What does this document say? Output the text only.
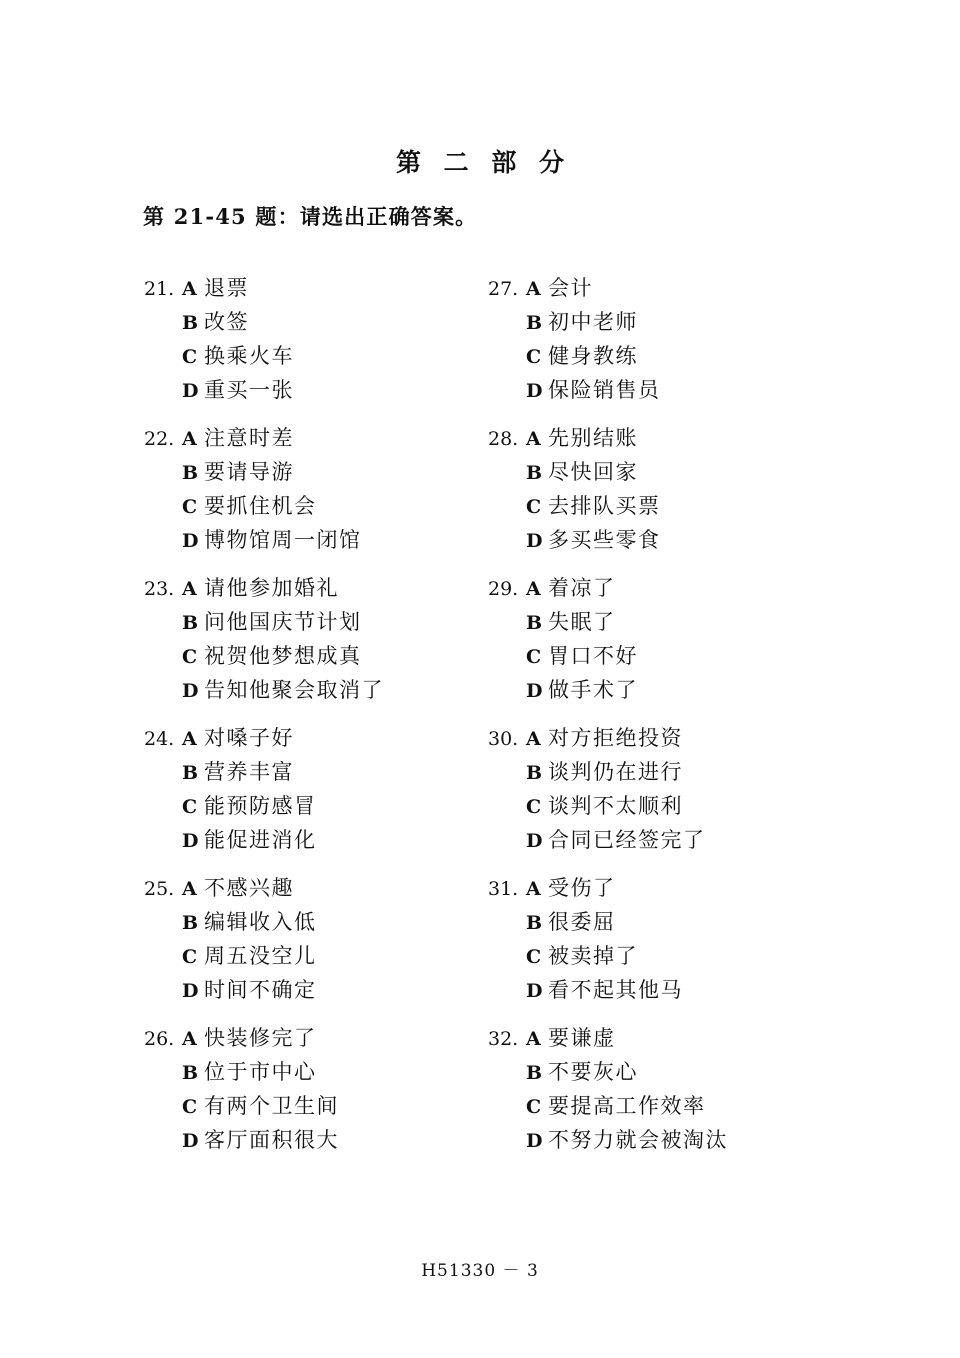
第 二 部 分
第 21-45 题：请选出正确答案。
21. A 退票
B 改签
C 换乘火车
D 重买一张
22. A 注意时差
B 要请导游
C 要抓住机会
D 博物馆周一闭馆
23. A 请他参加婚礼
B 问他国庆节计划
C 祝贺他梦想成真
D 告知他聚会取消了
24. A 对嗓子好
B 营养丰富
C 能预防感冒
D 能促进消化
25. A 不感兴趣
B 编辑收入低
C 周五没空儿
D 时间不确定
26. A 快装修完了
B 位于市中心
C 有两个卫生间
D 客厅面积很大
27. A 会计
B 初中老师
C 健身教练
D 保险销售员
28. A 先别结账
B 尽快回家
C 去排队买票
D 多买些零食
29. A 着凉了
B 失眠了
C 胃口不好
D 做手术了
30. A 对方拒绝投资
B 谈判仍在进行
C 谈判不太顺利
D 合同已经签完了
31. A 受伤了
B 很委屈
C 被卖掉了
D 看不起其他马
32. A 要谦虚
B 不要灰心
C 要提高工作效率
D 不努力就会被淘汰
H51330 － 3
